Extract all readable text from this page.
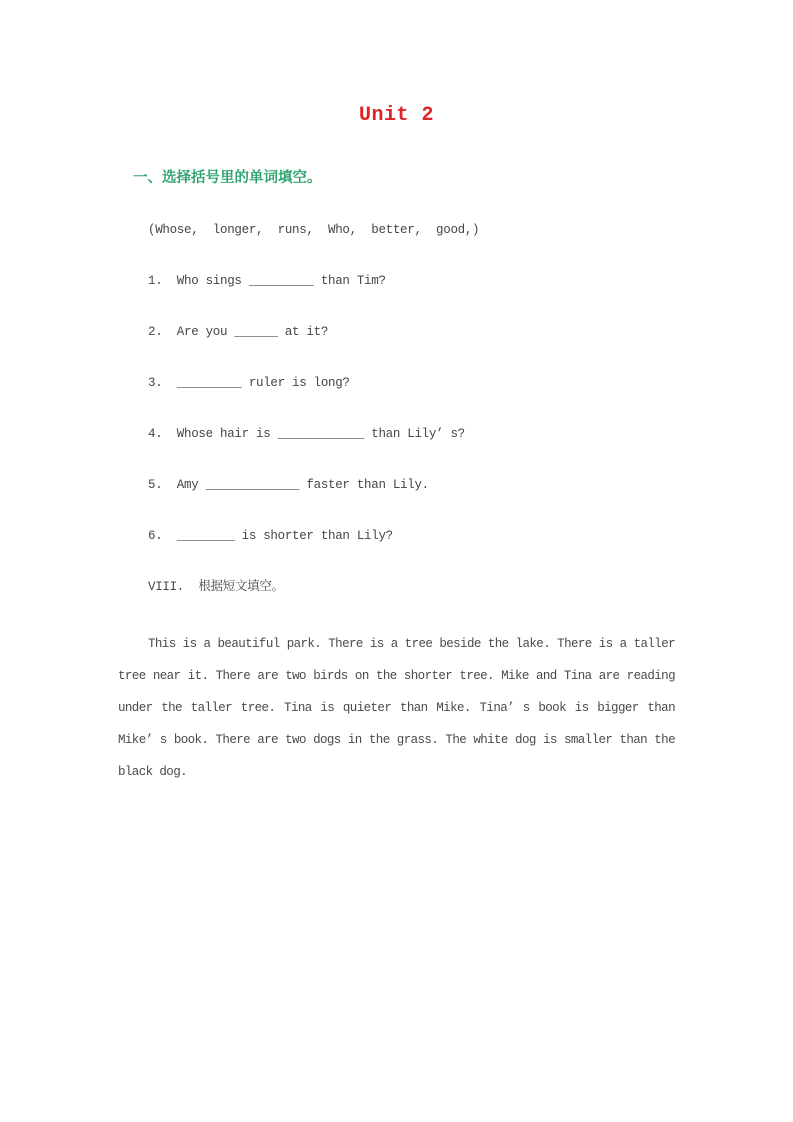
Unit 2
一、选择括号里的单词填空。
(Whose,  longer,  runs,  Who,  better,  good,)
1.  Who sings _________ than Tim?
2.  Are you ______ at it?
3.  _________ ruler is long?
4.  Whose hair is ____________ than Lily’ s?
5.  Amy _____________ faster than Lily.
6.  ________ is shorter than Lily?
VIII.  根据短文填空。

This is a beautiful park. There is a tree beside the lake. There is a taller tree near it. There are two birds on the shorter tree. Mike and Tina are reading under the taller tree. Tina is quieter than Mike. Tina’ s book is bigger than Mike’ s book. There are two dogs in the grass. The white dog is smaller than the black dog.
